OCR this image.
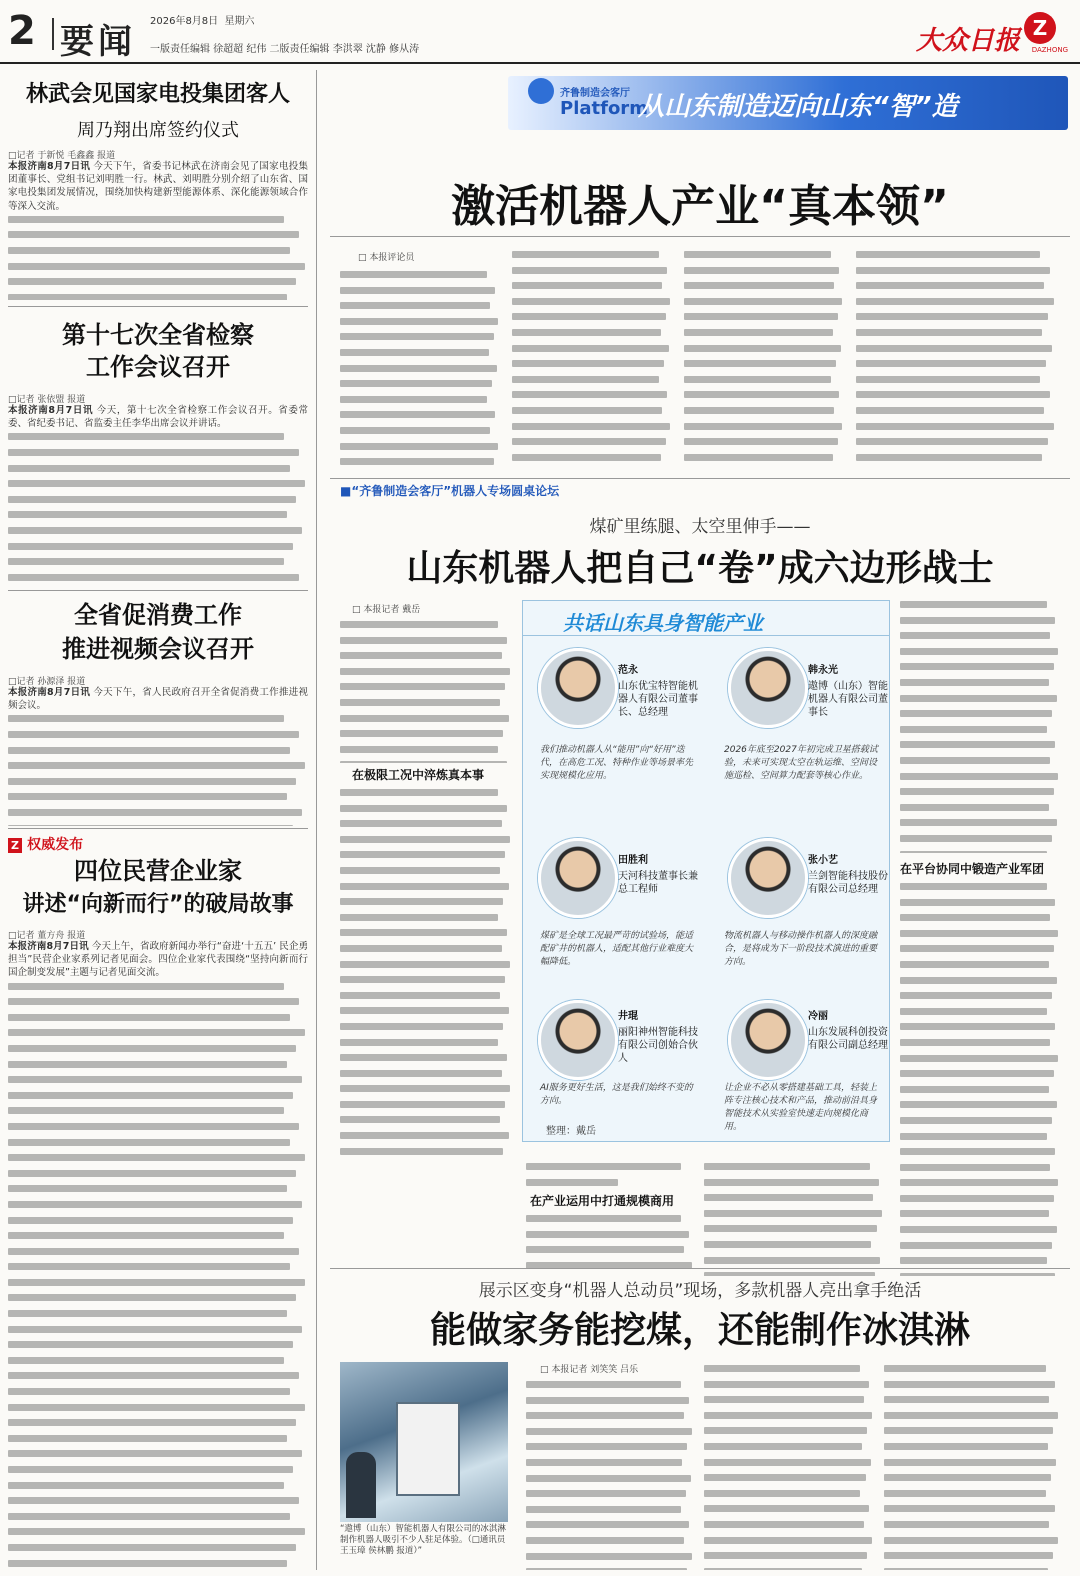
2 要闻
2026年8月8日 星期六
一版责任编辑 徐超超 纪伟 二版责任编辑 李洪翠 沈静 修从涛	大众日报 Z
DAZHONG
林武会见国家电投集团客人
周乃翔出席签约仪式
□记者 于新悦 毛鑫鑫 报道
本报济南8月7日讯 今天下午，省委书记林武在济南会见了国家电投集团董事长、党组书记刘明胜一行。林武、刘明胜分别介绍了山东省、国家电投集团发展情况，围绕加快构建新型能源体系、深化能源领域合作等深入交流。
第十七次全省检察
工作会议召开
□记者 张依盟 报道
本报济南8月7日讯 今天，第十七次全省检察工作会议召开。省委常委、省纪委书记、省监委主任李华出席会议并讲话。
全省促消费工作
推进视频会议召开
□记者 孙源泽 报道
本报济南8月7日讯 今天下午，省人民政府召开全省促消费工作推进视频会议。
Z 权威发布
四位民营企业家
讲述“向新而行”的破局故事
□记者 董方舟 报道
本报济南8月7日讯 今天上午，省政府新闻办举行“奋进‘十五五’ 民企勇担当”民营企业家系列记者见面会。四位企业家代表围绕“坚持向新而行 国企制变发展”主题与记者见面交流。
齐鲁制造会客厅
Platform
从山东制造迈向山东“智”造
激活机器人产业“真本领”
□ 本报评论员
■“齐鲁制造会客厅”机器人专场圆桌论坛
煤矿里练腿、太空里伸手——
山东机器人把自己“卷”成六边形战士
□ 本报记者 戴岳
在极限工况中淬炼真本事
共话山东具身智能产业
范永
山东优宝特智能机器人有限公司董事长、总经理
我们推动机器人从“能用”向“好用”迭代，在高危工况、特种作业等场景率先实现规模化应用。
韩永光
遨博（山东）智能机器人有限公司董事长
2026年底至2027年初完成卫星搭载试验，未来可实现太空在轨运维、空间设施巡检、空间算力配套等核心作业。
田胜利
天河科技董事长兼总工程师
煤矿是全球工况最严苛的试验场，能适配矿井的机器人，适配其他行业难度大幅降低。
张小艺
兰剑智能科技股份有限公司总经理
物流机器人与移动操作机器人的深度融合，是将成为下一阶段技术演进的重要方向。
井琨
丽阳神州智能科技有限公司创始合伙人
AI服务更好生活，这是我们始终不变的方向。
冷丽
山东发展科创投资有限公司副总经理
让企业不必从零搭建基础工具，轻装上阵专注核心技术和产品，推动前沿具身智能技术从实验室快速走向规模化商用。
整理：戴岳
在产业运用中打通规模商用
在平台协同中锻造产业军团
展示区变身“机器人总动员”现场，多款机器人亮出拿手绝活
能做家务能挖煤，还能制作冰淇淋
“遨博（山东）智能机器人有限公司的冰淇淋制作机器人吸引不少人驻足体验。（□通讯员 王玉璋 侯林鹏 报道）”
□ 本报记者 刘笑笑 吕乐
